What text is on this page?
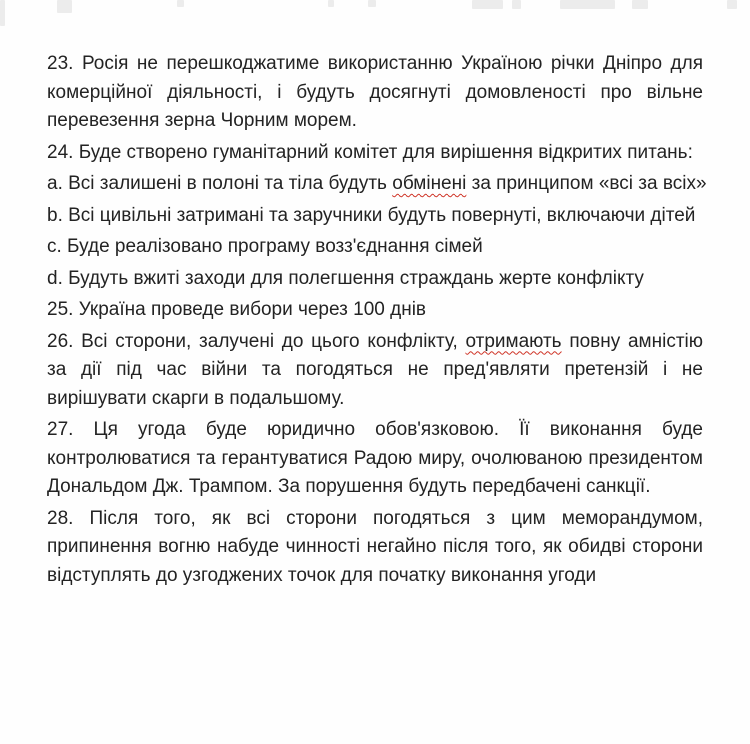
23. Росія не перешкоджатиме використанню Україною річки Дніпро для комерційної діяльності, і будуть досягнуті домовленості про вільне перевезення зерна Чорним морем.

24. Буде створено гуманітарний комітет для вирішення відкритих питань:

a. Всі залишені в полоні та тіла будуть обмінені за принципом «всі за всіх»

b. Всі цивільні затримані та заручники будуть повернуті, включаючи дітей

c. Буде реалізовано програму возз'єднання сімей

d. Будуть вжиті заходи для полегшення страждань жерте конфлікту

25. Україна проведе вибори через 100 днів

26. Всі сторони, залучені до цього конфлікту, отримають повну амністію за дії під час війни та погодяться не пред'являти претензій і не вирішувати скарги в подальшому.

27. Ця угода буде юридично обов'язковою. Її виконання буде контролюватися та герантуватися Радою миру, очолюваною президентом Дональдом Дж. Трампом. За порушення будуть передбачені санкції.

28. Після того, як всі сторони погодяться з цим меморандумом, припинення вогню набуде чинності негайно після того, як обидві сторони відступлять до узгоджених точок для початку виконання угоди
